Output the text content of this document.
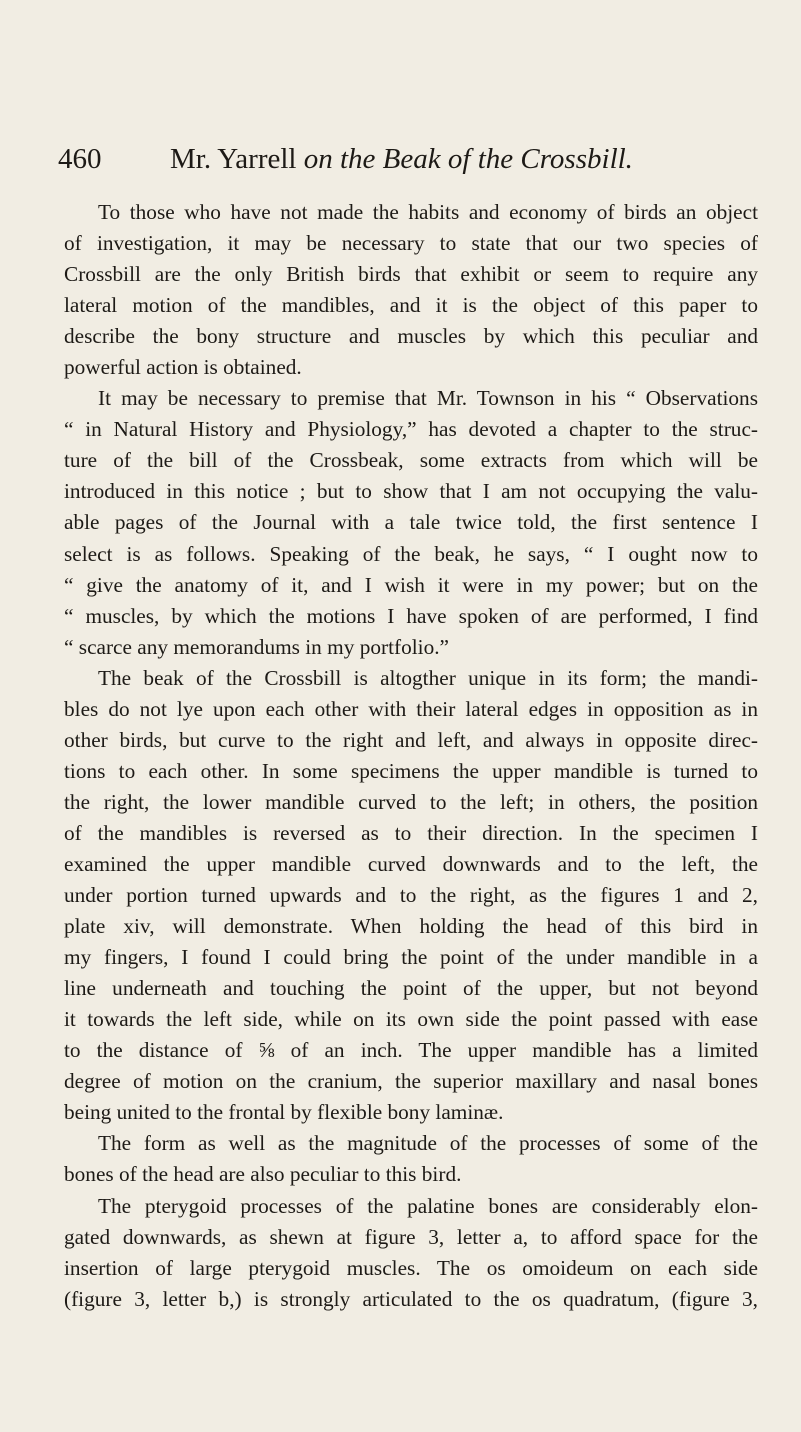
460 Mr. Yarrell on the Beak of the Crossbill.
To those who have not made the habits and economy of birds an object
of investigation, it may be necessary to state that our two species of
Crossbill are the only British birds that exhibit or seem to require any
lateral motion of the mandibles, and it is the object of this paper to
describe the bony structure and muscles by which this peculiar and
powerful action is obtained.
It may be necessary to premise that Mr. Townson in his “ Observations
“ in Natural History and Physiology,” has devoted a chapter to the struc-
ture of the bill of the Crossbeak, some extracts from which will be
introduced in this notice ; but to show that I am not occupying the valu-
able pages of the Journal with a tale twice told, the first sentence I
select is as follows. Speaking of the beak, he says, “ I ought now to
“ give the anatomy of it, and I wish it were in my power; but on the
“ muscles, by which the motions I have spoken of are performed, I find
“ scarce any memorandums in my portfolio.”
The beak of the Crossbill is altogther unique in its form; the mandi-
bles do not lye upon each other with their lateral edges in opposition as in
other birds, but curve to the right and left, and always in opposite direc-
tions to each other. In some specimens the upper mandible is turned to
the right, the lower mandible curved to the left; in others, the position
of the mandibles is reversed as to their direction. In the specimen I
examined the upper mandible curved downwards and to the left, the
under portion turned upwards and to the right, as the figures 1 and 2,
plate xiv, will demonstrate. When holding the head of this bird in
my fingers, I found I could bring the point of the under mandible in a
line underneath and touching the point of the upper, but not beyond
it towards the left side, while on its own side the point passed with ease
to the distance of ⅝ of an inch. The upper mandible has a limited
degree of motion on the cranium, the superior maxillary and nasal bones
being united to the frontal by flexible bony laminæ.
The form as well as the magnitude of the processes of some of the
bones of the head are also peculiar to this bird.
The pterygoid processes of the palatine bones are considerably elon-
gated downwards, as shewn at figure 3, letter a, to afford space for the
insertion of large pterygoid muscles. The os omoideum on each side
(figure 3, letter b,) is strongly articulated to the os quadratum, (figure 3,
